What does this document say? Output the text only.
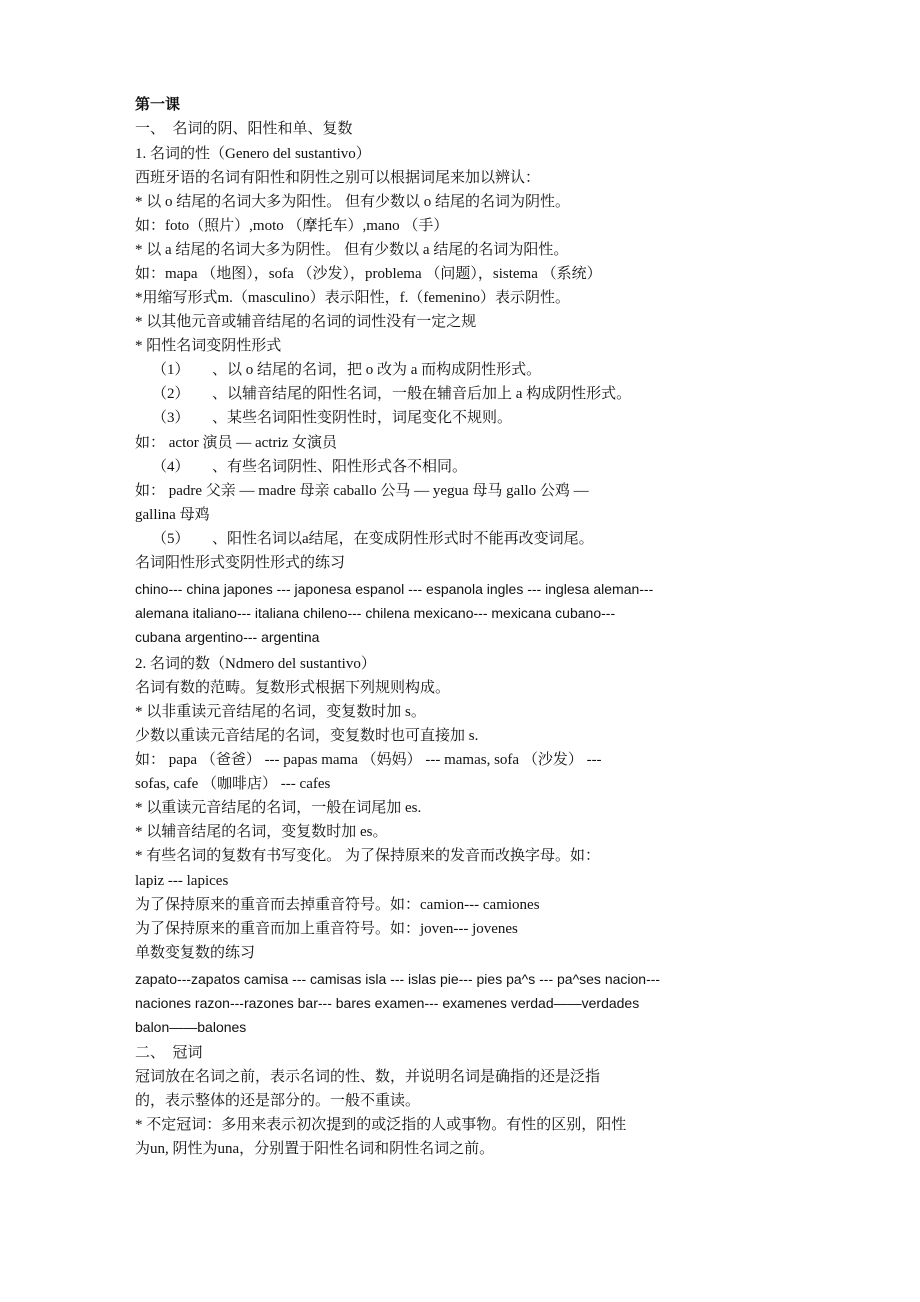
第一课
一、　名词的阴、阳性和单、复数
1. 名词的性（Genero del sustantivo）
西班牙语的名词有阳性和阴性之别可以根据词尾来加以辨认：
* 以 o 结尾的名词大多为阳性。 但有少数以 o 结尾的名词为阴性。
如：foto（照片）,moto （摩托车）,mano （手）
* 以 a 结尾的名词大多为阴性。 但有少数以 a 结尾的名词为阳性。
如：mapa （地图），sofa （沙发），problema （问题），sistema （系统）
*用缩写形式m.（masculino）表示阳性，f.（femenino）表示阴性。
* 以其他元音或辅音结尾的名词的词性没有一定之规
* 阳性名词变阴性形式
（1）　　、以 o 结尾的名词，把 o 改为 a 而构成阴性形式。
（2）　　、以辅音结尾的阳性名词，一般在辅音后加上 a 构成阴性形式。
（3）　　、某些名词阳性变阴性时，词尾变化不规则。
如： actor 演员 — actriz 女演员
（4）　　、有些名词阴性、阳性形式各不相同。
如： padre 父亲 — madre 母亲 caballo 公马 — yegua 母马 gallo 公鸡 —
gallina 母鸡
（5）　　、阳性名词以a结尾，在变成阴性形式时不能再改变词尾。
名词阳性形式变阴性形式的练习
chino--- china japones --- japonesa espanol --- espanola ingles --- inglesa aleman---
alemana italiano--- italiana chileno--- chilena mexicano--- mexicana cubano---
cubana argentino--- argentina
2. 名词的数（Ndmero del sustantivo）
名词有数的范畴。复数形式根据下列规则构成。
* 以非重读元音结尾的名词，变复数时加 s。
少数以重读元音结尾的名词，变复数时也可直接加 s.
如： papa （爸爸） --- papas mama （妈妈） --- mamas, sofa （沙发） ---
sofas, cafe （咖啡店） --- cafes
* 以重读元音结尾的名词，一般在词尾加 es.
* 以辅音结尾的名词，变复数时加 es。
* 有些名词的复数有书写变化。 为了保持原来的发音而改换字母。如：
lapiz --- lapices
为了保持原来的重音而去掉重音符号。如：camion--- camiones
为了保持原来的重音而加上重音符号。如：joven--- jovenes
单数变复数的练习
zapato---zapatos camisa --- camisas isla --- islas pie--- pies pa^s --- pa^ses nacion---
naciones razon---razones bar--- bares examen--- examenes verdad——verdades
balon——balones
二、　冠词
冠词放在名词之前，表示名词的性、数，并说明名词是确指的还是泛指
的，表示整体的还是部分的。一般不重读。
* 不定冠词：多用来表示初次提到的或泛指的人或事物。有性的区别，阳性
为un, 阴性为una，分别置于阳性名词和阴性名词之前。
